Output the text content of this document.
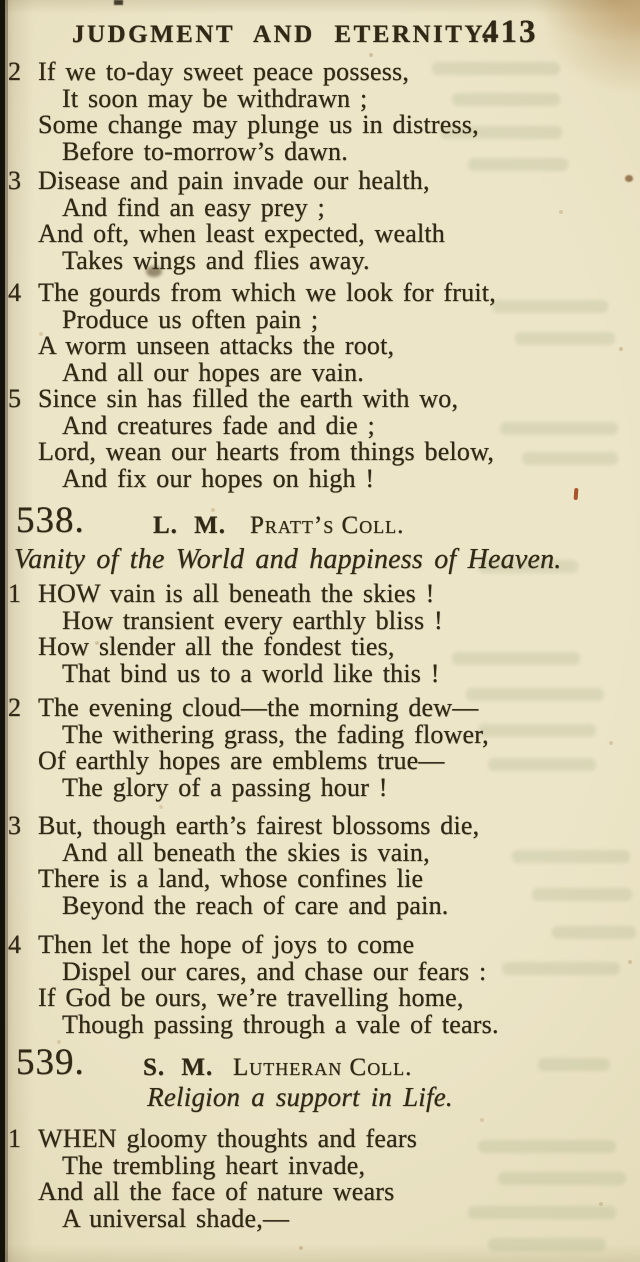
JUDGMENT AND ETERNITY.
413
2 If we to-day sweet peace possess,
It soon may be withdrawn ;
Some change may plunge us in distress,
Before to-morrow’s dawn.
3 Disease and pain invade our health,
And find an easy prey ;
And oft, when least expected, wealth
Takes wings and flies away.
4 The gourds from which we look for fruit,
Produce us often pain ;
A worm unseen attacks the root,
And all our hopes are vain.
5 Since sin has filled the earth with wo,
And creatures fade and die ;
Lord, wean our hearts from things below,
And fix our hopes on high !
538.	L. M. Pratt’s Coll.
Vanity of the World and happiness of Heaven.
1 HOW vain is all beneath the skies !
How transient every earthly bliss !
How slender all the fondest ties,
That bind us to a world like this !
2 The evening cloud—the morning dew—
The withering grass, the fading flower,
Of earthly hopes are emblems true—
The glory of a passing hour !
3 But, though earth’s fairest blossoms die,
And all beneath the skies is vain,
There is a land, whose confines lie
Beyond the reach of care and pain.
4 Then let the hope of joys to come
Dispel our cares, and chase our fears :
If God be ours, we’re travelling home,
Though passing through a vale of tears.
539. S. M. Lutheran Coll.
Religion a support in Life.
1 WHEN gloomy thoughts and fears
The trembling heart invade,
And all the face of nature wears
A universal shade,—
